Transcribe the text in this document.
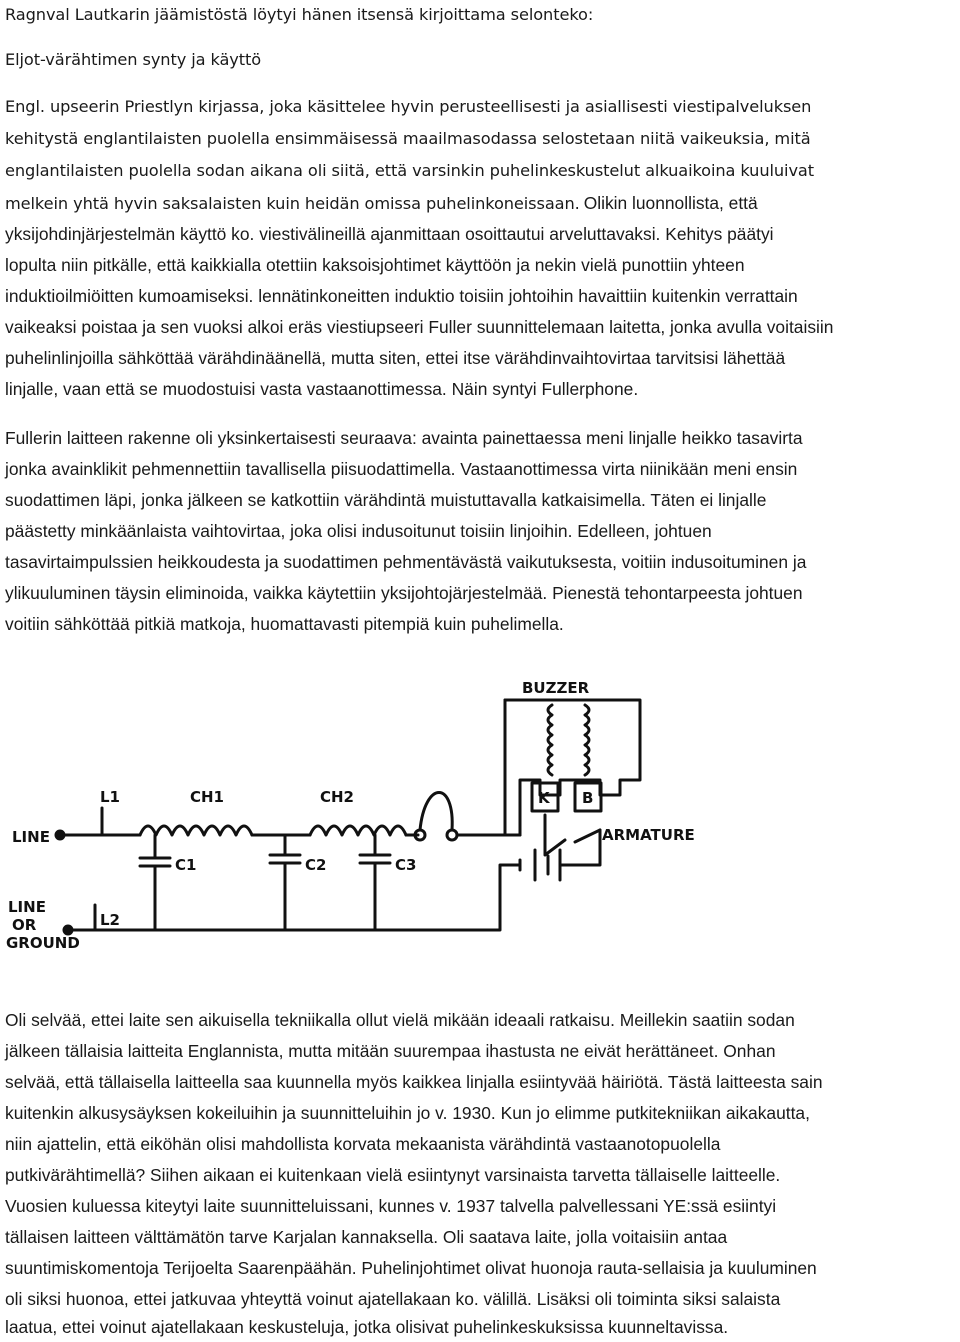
Ragnval Lautkarin jäämistöstä löytyi hänen itsensä kirjoittama selonteko:
Eljot-värähtimen synty ja käyttö
Engl. upseerin Priestlyn kirjassa, joka käsittelee hyvin perusteellisesti ja asiallisesti viestipalveluksen
kehitystä englantilaisten puolella ensimmäisessä maailmasodassa selostetaan niitä vaikeuksia, mitä
englantilaisten puolella sodan aikana oli siitä, että varsinkin puhelinkeskustelut alkuaikoina kuuluivat
melkein yhtä hyvin saksalaisten kuin heidän omissa puhelinkoneissaan. Olikin luonnollista, että
yksijohdinjärjestelmän käyttö ko. viestivälineillä ajanmittaan osoittautui arveluttavaksi. Kehitys päätyi
lopulta niin pitkälle, että kaikkialla otettiin kaksoisjohtimet käyttöön ja nekin vielä punottiin yhteen
induktioilmiöitten kumoamiseksi. lennätinkoneitten induktio toisiin johtoihin havaittiin kuitenkin verrattain
vaikeaksi poistaa ja sen vuoksi alkoi eräs viestiupseeri Fuller suunnittelemaan laitetta, jonka avulla voitaisiin
puhelinlinjoilla sähköttää värähdinäänellä, mutta siten, ettei itse värähdinvaihtovirtaa tarvitsisi lähettää
linjalle, vaan että se muodostuisi vasta vastaanottimessa. Näin syntyi Fullerphone.
Fullerin laitteen rakenne oli yksinkertaisesti seuraava: avainta painettaessa meni linjalle heikko tasavirta
jonka avainklikit pehmennettiin tavallisella piisuodattimella. Vastaanottimessa virta niinikään meni ensin
suodattimen läpi, jonka jälkeen se katkottiin värähdintä muistuttavalla katkaisimella. Täten ei linjalle
päästetty minkäänlaista vaihtovirtaa, joka olisi indusoitunut toisiin linjoihin. Edelleen, johtuen
tasavirtaimpulssien heikkoudesta ja suodattimen pehmentävästä vaikutuksesta, voitiin indusoituminen ja
ylikuuluminen täysin eliminoida, vaikka käytettiin yksijohtojärjestelmää. Pienestä tehontarpeesta johtuen
voitiin sähköttää pitkiä matkoja, huomattavasti pitempiä kuin puhelimella.
BUZZER
L1	CH1	CH2
LINE
C1	C2	C3
K B
ARMATURE
LINE
OR
GROUND
L2
Oli selvää, ettei laite sen aikuisella tekniikalla ollut vielä mikään ideaali ratkaisu. Meillekin saatiin sodan
jälkeen tällaisia laitteita Englannista, mutta mitään suurempaa ihastusta ne eivät herättäneet. Onhan
selvää, että tällaisella laitteella saa kuunnella myös kaikkea linjalla esiintyvää häiriötä. Tästä laitteesta sain
kuitenkin alkusysäyksen kokeiluihin ja suunnitteluihin jo v. 1930. Kun jo elimme putkitekniikan aikakautta,
niin ajattelin, että eiköhän olisi mahdollista korvata mekaanista värähdintä vastaanotopuolella
putkivärähtimellä? Siihen aikaan ei kuitenkaan vielä esiintynyt varsinaista tarvetta tällaiselle laitteelle.
Vuosien kuluessa kiteytyi laite suunnitteluissani, kunnes v. 1937 talvella palvellessani YE:ssä esiintyi
tällaisen laitteen välttämätön tarve Karjalan kannaksella. Oli saatava laite, jolla voitaisiin antaa
suuntimiskomentoja Terijoelta Saarenpäähän. Puhelinjohtimet olivat huonoja rauta-sellaisia ja kuuluminen
oli siksi huonoa, ettei jatkuvaa yhteyttä voinut ajatellakaan ko. välillä. Lisäksi oli toiminta siksi salaista
laatua, ettei voinut ajatellakaan keskusteluja, jotka olisivat puhelinkeskuksissa kuunneltavissa.
